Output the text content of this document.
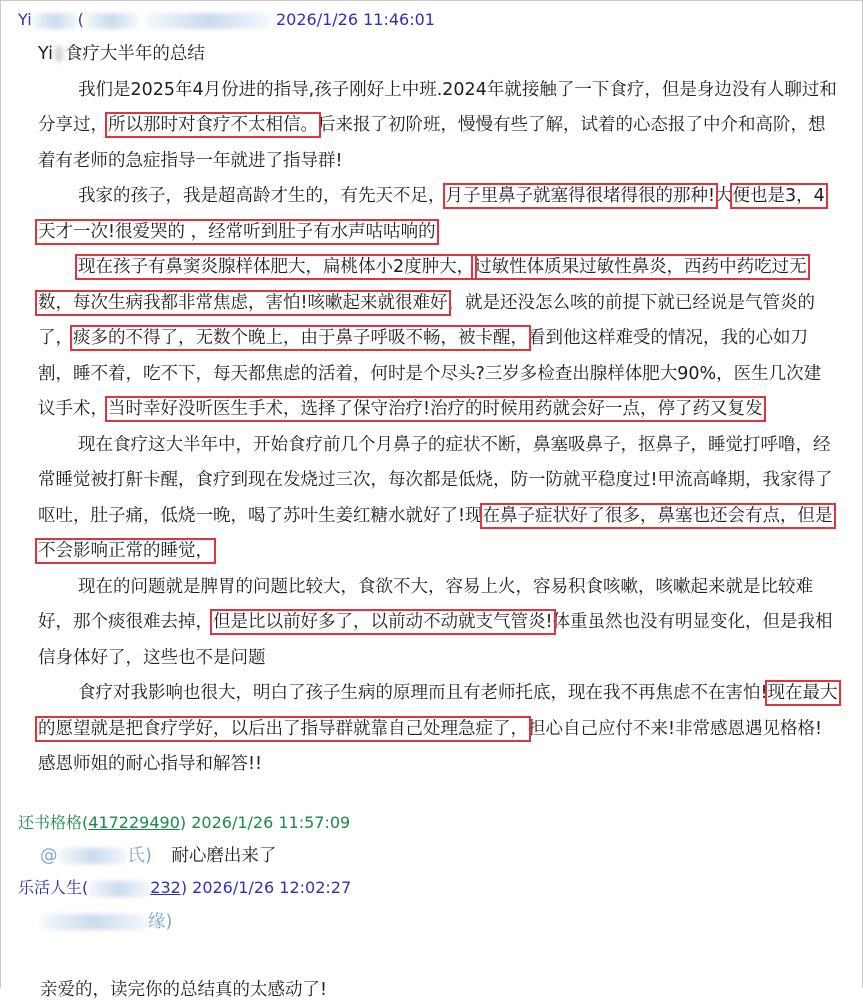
Yi	(	2026/1/26 11:46:01

Yi 食疗大半年的总结

我们是2025年4月份进的指导,孩子刚好上中班.2024年就接触了一下食疗，但是身边没有人聊过和分享过，所以那时对食疗不太相信。后来报了初阶班，慢慢有些了解，试着的心态报了中介和高阶，想着有老师的急症指导一年就进了指导群!

我家的孩子，我是超高龄才生的，有先天不足，月子里鼻子就塞得很堵得很的那种!大便也是3，4天才一次!很爱哭的 ，经常听到肚子有水声咕咕响的

现在孩子有鼻窦炎腺样体肥大，扁桃体小2度肿大，过敏性体质果过敏性鼻炎，西药中药吃过无数，每次生病我都非常焦虑，害怕!咳嗽起来就很难好，就是还没怎么咳的前提下就已经说是气管炎的了，痰多的不得了，无数个晚上，由于鼻子呼吸不畅，被卡醒，看到他这样难受的情况，我的心如刀割，睡不着，吃不下，每天都焦虑的活着，何时是个尽头?三岁多检查出腺样体肥大90%，医生几次建议手术，当时幸好没听医生手术，选择了保守治疗!治疗的时候用药就会好一点，停了药又复发

现在食疗这大半年中，开始食疗前几个月鼻子的症状不断，鼻塞吸鼻子，抠鼻子，睡觉打呼噜，经常睡觉被打鼾卡醒，食疗到现在发烧过三次，每次都是低烧，防一防就平稳度过!甲流高峰期，我家得了呕吐，肚子痛，低烧一晚，喝了苏叶生姜红糖水就好了!现在鼻子症状好了很多，鼻塞也还会有点，但是不会影响正常的睡觉，

现在的问题就是脾胃的问题比较大，食欲不大，容易上火，容易积食咳嗽，咳嗽起来就是比较难好，那个痰很难去掉，但是比以前好多了，以前动不动就支气管炎!体重虽然也没有明显变化，但是我相信身体好了，这些也不是问题

食疗对我影响也很大，明白了孩子生病的原理而且有老师托底，现在我不再焦虑不在害怕!现在最大的愿望就是把食疗学好，以后出了指导群就靠自己处理急症了，担心自己应付不来!非常感恩遇见格格!感恩师姐的耐心指导和解答!!

还书格格(417229490) 2026/1/26 11:57:09
@	氏) 耐心磨出来了
乐活人生(	232) 2026/1/26 12:02:27
缘)
亲爱的，读完你的总结真的太感动了!
